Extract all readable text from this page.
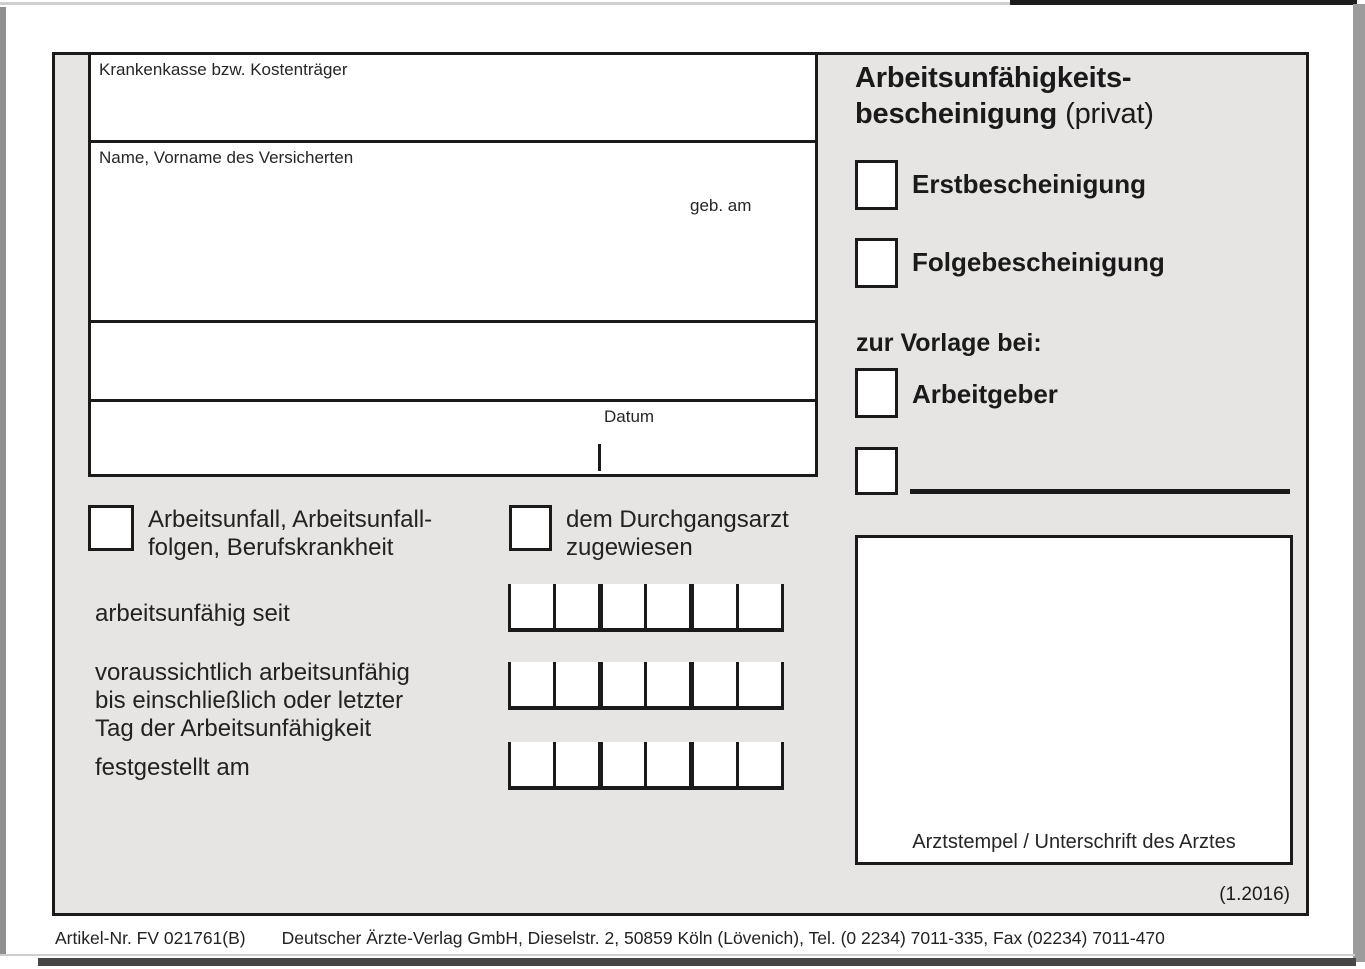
Krankenkasse bzw. Kostenträger
Name, Vorname des Versicherten
geb. am
Datum
Arbeitsunfähigkeits-
bescheinigung (privat)
Erstbescheinigung
Folgebescheinigung
zur Vorlage bei:
Arbeitgeber
Arztstempel / Unterschrift des Arztes
(1.2016)
Arbeitsunfall, Arbeitsunfall-
folgen, Berufskrankheit
dem Durchgangsarzt
zugewiesen
arbeitsunfähig seit
voraussichtlich arbeitsunfähig
bis einschließlich oder letzter
Tag der Arbeitsunfähigkeit
festgestellt am
Artikel-Nr. FV 021761(B) Deutscher Ärzte-Verlag GmbH, Dieselstr. 2, 50859 Köln (Lövenich), Tel. (0 2234) 7011-335, Fax (02234) 7011-470
